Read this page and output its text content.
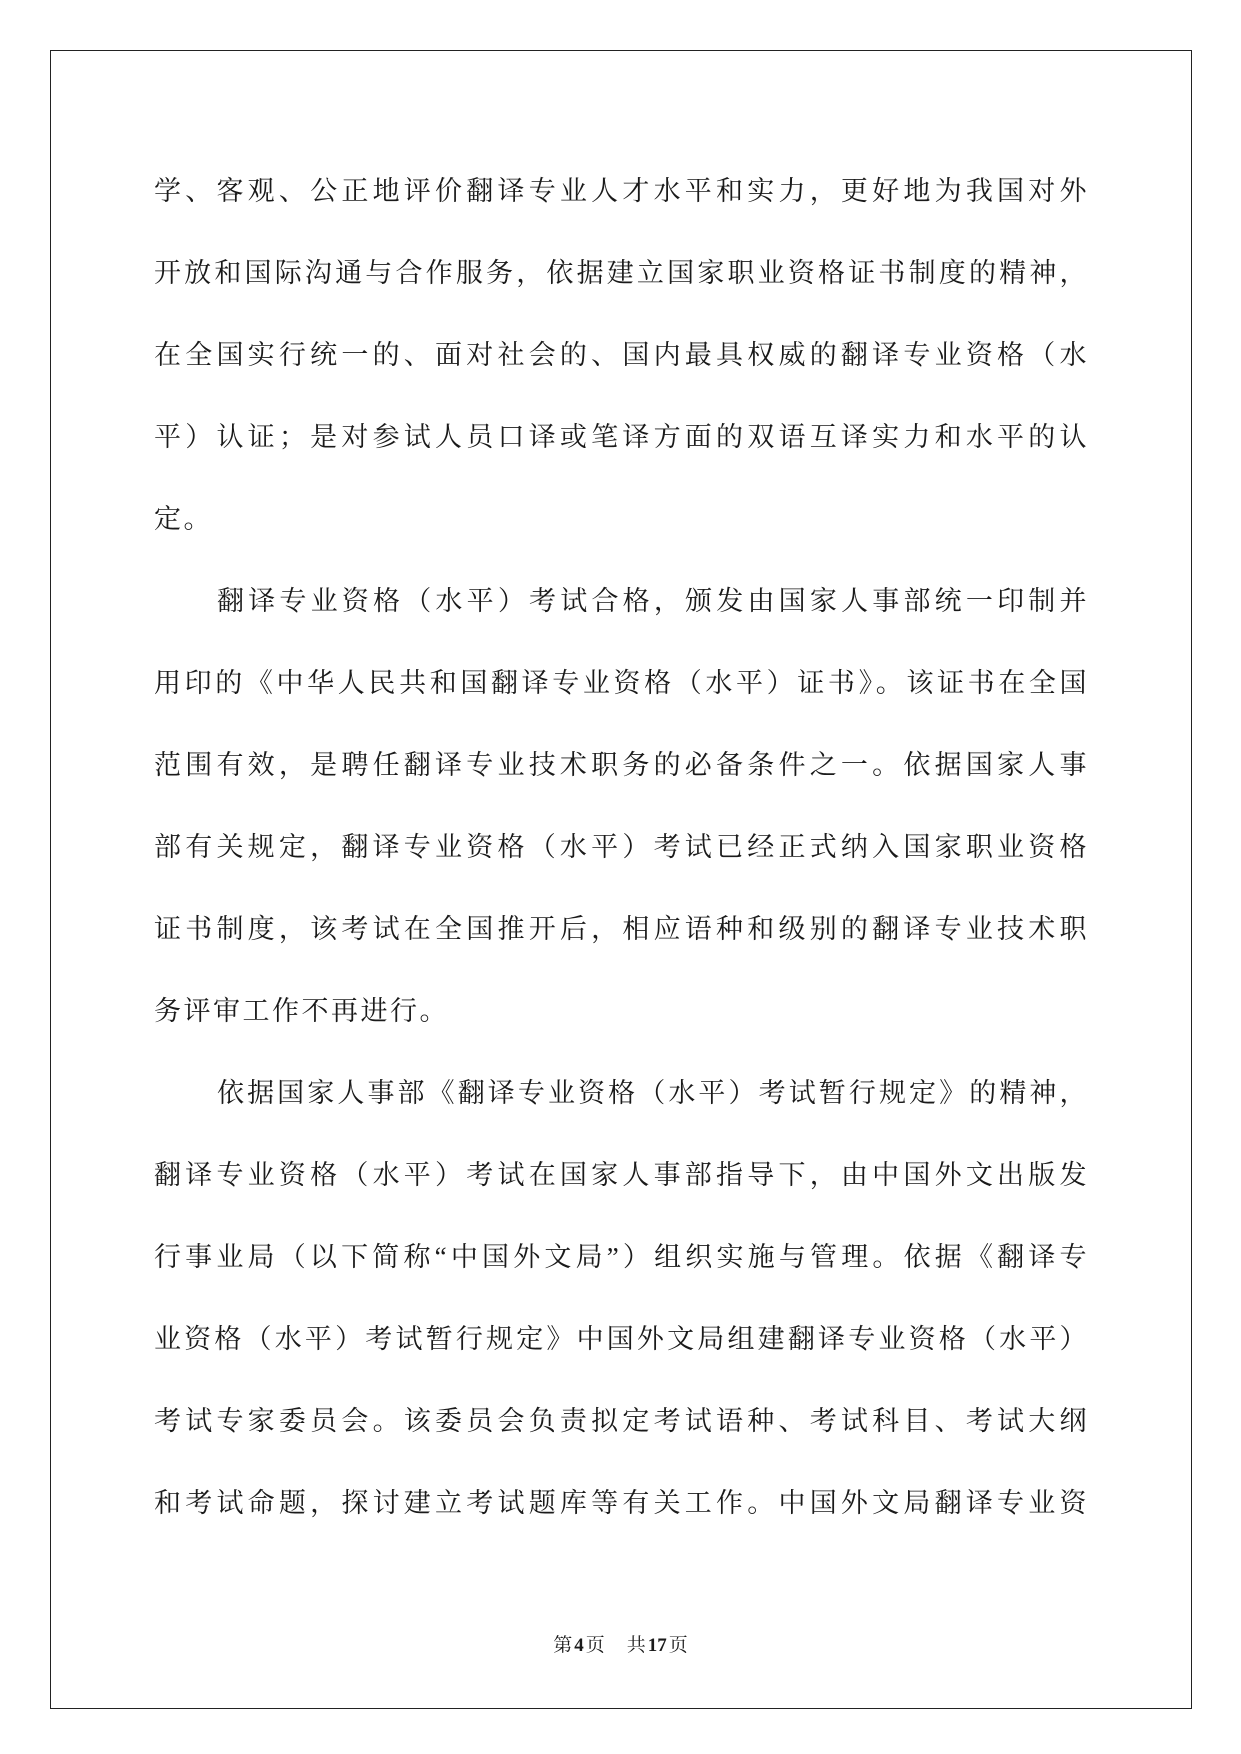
学、客观、公正地评价翻译专业人才水平和实力，更好地为我国对外
开放和国际沟通与合作服务，依据建立国家职业资格证书制度的精神，
在全国实行统一的、面对社会的、国内最具权威的翻译专业资格（水
平）认证；是对参试人员口译或笔译方面的双语互译实力和水平的认
定。
翻译专业资格（水平）考试合格，颁发由国家人事部统一印制并
用印的《中华人民共和国翻译专业资格（水平）证书》。该证书在全国
范围有效，是聘任翻译专业技术职务的必备条件之一。依据国家人事
部有关规定，翻译专业资格（水平）考试已经正式纳入国家职业资格
证书制度，该考试在全国推开后，相应语种和级别的翻译专业技术职
务评审工作不再进行。
依据国家人事部《翻译专业资格（水平）考试暂行规定》的精神，
翻译专业资格（水平）考试在国家人事部指导下，由中国外文出版发
行事业局（以下简称“中国外文局”）组织实施与管理。依据《翻译专
业资格（水平）考试暂行规定》中国外文局组建翻译专业资格（水平）
考试专家委员会。该委员会负责拟定考试语种、考试科目、考试大纲
和考试命题，探讨建立考试题库等有关工作。中国外文局翻译专业资
第 4 页 共 17 页
